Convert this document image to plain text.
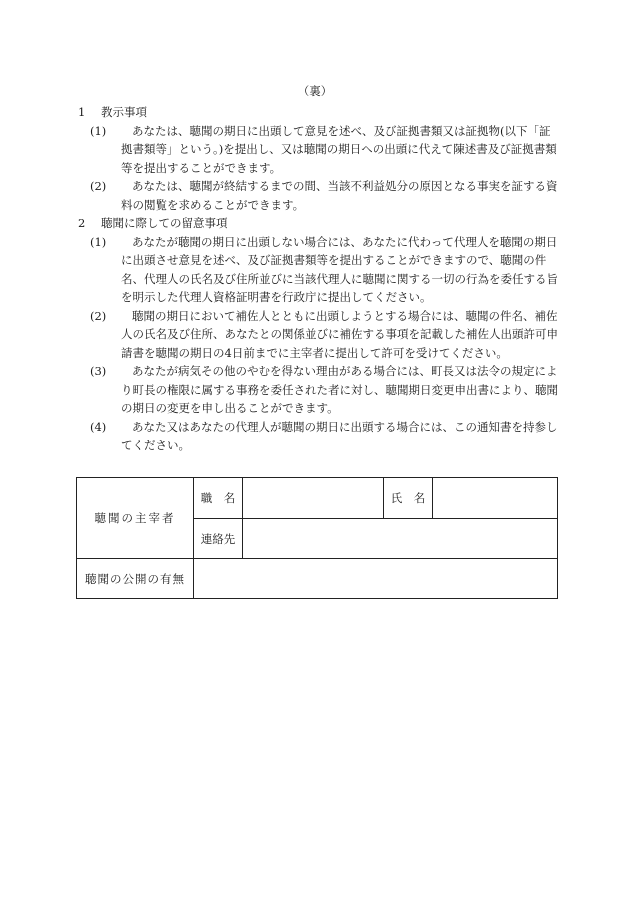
（裏）

1 教示事項

(1)	あなたは、聴聞の期日に出頭して意見を述べ、及び証拠書類又は証拠物(以下「証拠書類等」という。)を提出し、又は聴聞の期日への出頭に代えて陳述書及び証拠書類等を提出することができます。

(2)	あなたは、聴聞が終結するまでの間、当該不利益処分の原因となる事実を証する資料の閲覧を求めることができます。

2 聴聞に際しての留意事項

(1)	あなたが聴聞の期日に出頭しない場合には、あなたに代わって代理人を聴聞の期日に出頭させ意見を述べ、及び証拠書類等を提出することができますので、聴聞の件名、代理人の氏名及び住所並びに当該代理人に聴聞に関する一切の行為を委任する旨を明示した代理人資格証明書を行政庁に提出してください。

(2)	聴聞の期日において補佐人とともに出頭しようとする場合には、聴聞の件名、補佐人の氏名及び住所、あなたとの関係並びに補佐する事項を記載した補佐人出頭許可申請書を聴聞の期日の4日前までに主宰者に提出して許可を受けてください。

(3)	あなたが病気その他のやむを得ない理由がある場合には、町長又は法令の規定により町長の権限に属する事務を委任された者に対し、聴聞期日変更申出書により、聴聞の期日の変更を申し出ることができます。

(4)	あなた又はあなたの代理人が聴聞の期日に出頭する場合には、この通知書を持参してください。

聴聞の主宰者	職　名		氏　名	
	連絡先			
聴聞の公開の有無				
